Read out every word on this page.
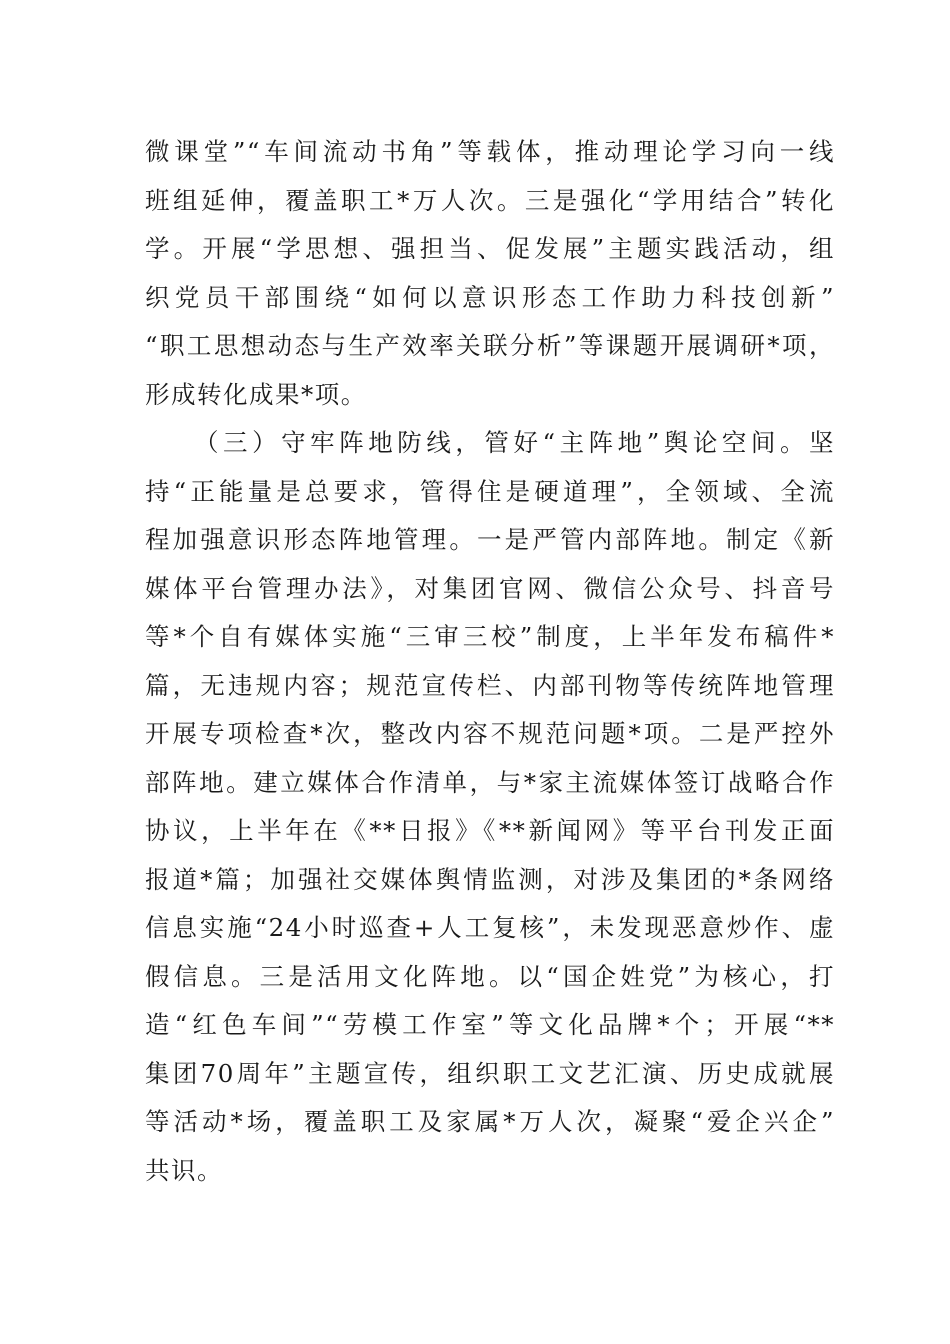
微课堂”“车间流动书角”等载体，推动理论学习向一线
班组延伸，覆盖职工*万人次。三是强化“学用结合”转化
学。开展“学思想、强担当、促发展”主题实践活动，组
织党员干部围绕“如何以意识形态工作助力科技创新”
“职工思想动态与生产效率关联分析”等课题开展调研*项，
形成转化成果*项。
（三）守牢阵地防线，管好“主阵地”舆论空间。坚
持“正能量是总要求，管得住是硬道理”，全领域、全流
程加强意识形态阵地管理。一是严管内部阵地。制定《新
媒体平台管理办法》，对集团官网、微信公众号、抖音号
等*个自有媒体实施“三审三校”制度，上半年发布稿件*
篇，无违规内容；规范宣传栏、内部刊物等传统阵地管理
开展专项检查*次，整改内容不规范问题*项。二是严控外
部阵地。建立媒体合作清单，与*家主流媒体签订战略合作
协议，上半年在《**日报》《**新闻网》等平台刊发正面
报道*篇；加强社交媒体舆情监测，对涉及集团的*条网络
信息实施“24小时巡查+人工复核”，未发现恶意炒作、虚
假信息。三是活用文化阵地。以“国企姓党”为核心，打
造“红色车间”“劳模工作室”等文化品牌*个；开展“**
集团70周年”主题宣传，组织职工文艺汇演、历史成就展
等活动*场，覆盖职工及家属*万人次，凝聚“爱企兴企”
共识。
